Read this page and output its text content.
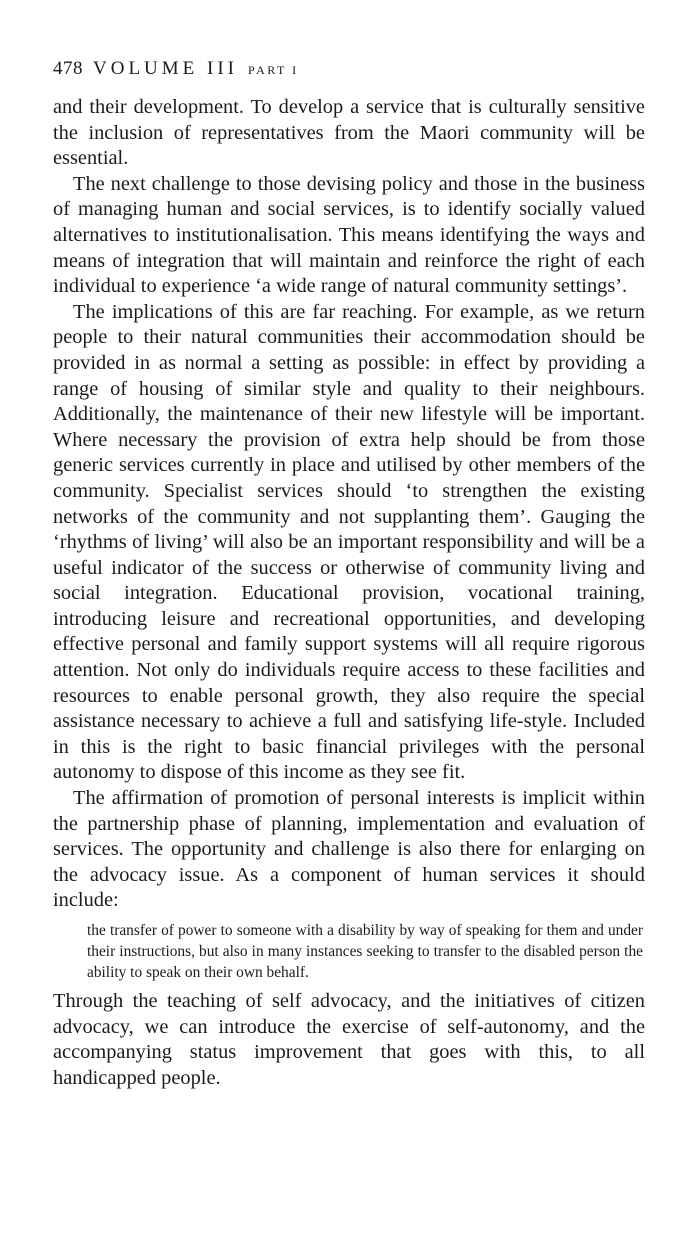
478 VOLUME III PART I

and their development. To develop a service that is culturally sensitive the inclusion of representatives from the Maori community will be essential.

The next challenge to those devising policy and those in the business of managing human and social services, is to identify socially valued alternatives to institutionalisation. This means identifying the ways and means of integration that will maintain and reinforce the right of each individual to experience ‘a wide range of natural community settings’.

The implications of this are far reaching. For example, as we return people to their natural communities their accommodation should be provided in as normal a setting as possible: in effect by providing a range of housing of similar style and quality to their neighbours. Additionally, the maintenance of their new lifestyle will be important. Where necessary the provision of extra help should be from those generic services currently in place and utilised by other members of the community. Specialist services should ‘to strengthen the existing networks of the community and not supplanting them’. Gauging the ‘rhythms of living’ will also be an important responsibility and will be a useful indicator of the success or otherwise of community living and social integration. Educational provision, vocational training, introducing leisure and recreational opportunities, and developing effective personal and family support systems will all require rigorous attention. Not only do individuals require access to these facilities and resources to enable personal growth, they also require the special assistance necessary to achieve a full and satisfying life-style. Included in this is the right to basic financial privileges with the personal autonomy to dispose of this income as they see fit.

The affirmation of promotion of personal interests is implicit within the partnership phase of planning, implementation and evaluation of services. The opportunity and challenge is also there for enlarging on the advocacy issue. As a component of human services it should include:

the transfer of power to someone with a disability by way of speaking for them and under their instructions, but also in many instances seeking to transfer to the disabled person the ability to speak on their own behalf.

Through the teaching of self advocacy, and the initiatives of citizen advocacy, we can introduce the exercise of self-autonomy, and the accompanying status improvement that goes with this, to all handicapped people.
